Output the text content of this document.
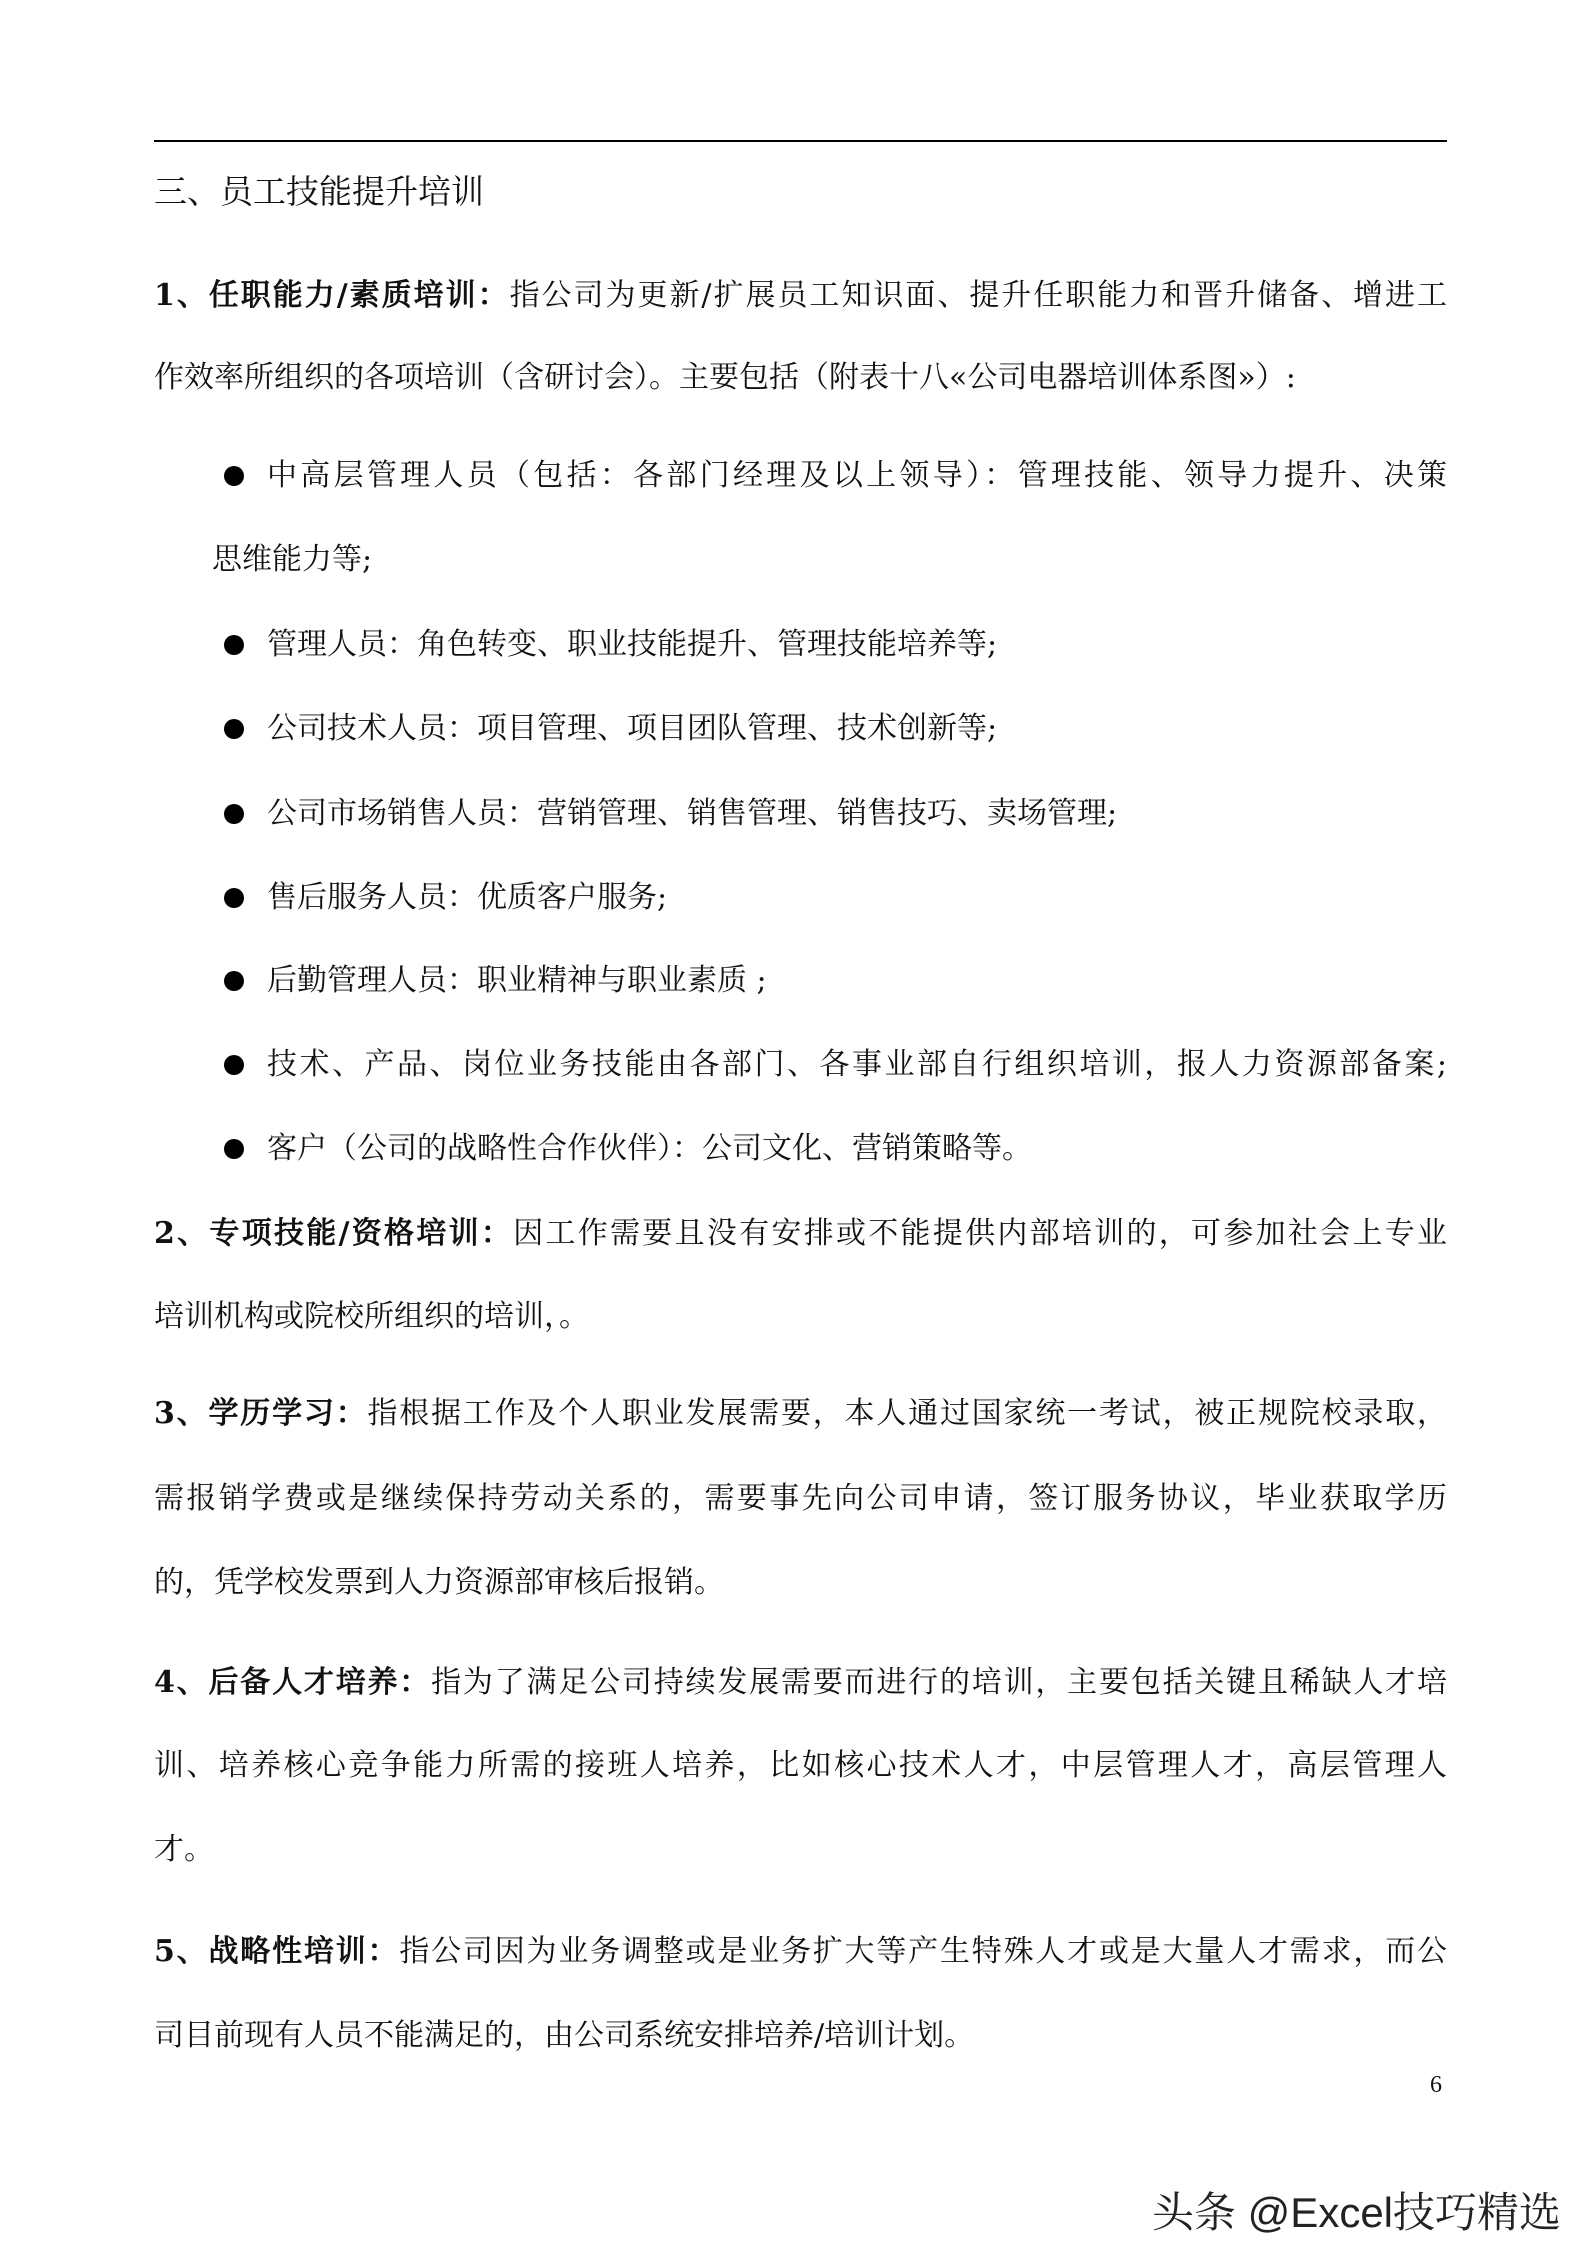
三、员工技能提升培训
1、任职能力/素质培训：指公司为更新/扩展员工知识面、提升任职能力和晋升储备、增进工
作效率所组织的各项培训（含研讨会）。主要包括（附表十八«公司电器培训体系图»）:
中高层管理人员（包括：各部门经理及以上领导）：管理技能、领导力提升、决策
思维能力等;
管理人员：角色转变、职业技能提升、管理技能培养等;
公司技术人员：项目管理、项目团队管理、技术创新等;
公司市场销售人员：营销管理、销售管理、销售技巧、卖场管理;
售后服务人员：优质客户服务;
后勤管理人员：职业精神与职业素质 ;
技术、产品、岗位业务技能由各部门、各事业部自行组织培训，报人力资源部备案;
客户（公司的战略性合作伙伴）：公司文化、营销策略等。
2、专项技能/资格培训：因工作需要且没有安排或不能提供内部培训的，可参加社会上专业
培训机构或院校所组织的培训，。
3、学历学习：指根据工作及个人职业发展需要，本人通过国家统一考试，被正规院校录取，
需报销学费或是继续保持劳动关系的，需要事先向公司申请，签订服务协议，毕业获取学历
的，凭学校发票到人力资源部审核后报销。
4、后备人才培养：指为了满足公司持续发展需要而进行的培训，主要包括关键且稀缺人才培
训、培养核心竞争能力所需的接班人培养，比如核心技术人才，中层管理人才，高层管理人
才。
5、战略性培训：指公司因为业务调整或是业务扩大等产生特殊人才或是大量人才需求，而公
司目前现有人员不能满足的，由公司系统安排培养/培训计划。
6
头条 @Excel技巧精选
